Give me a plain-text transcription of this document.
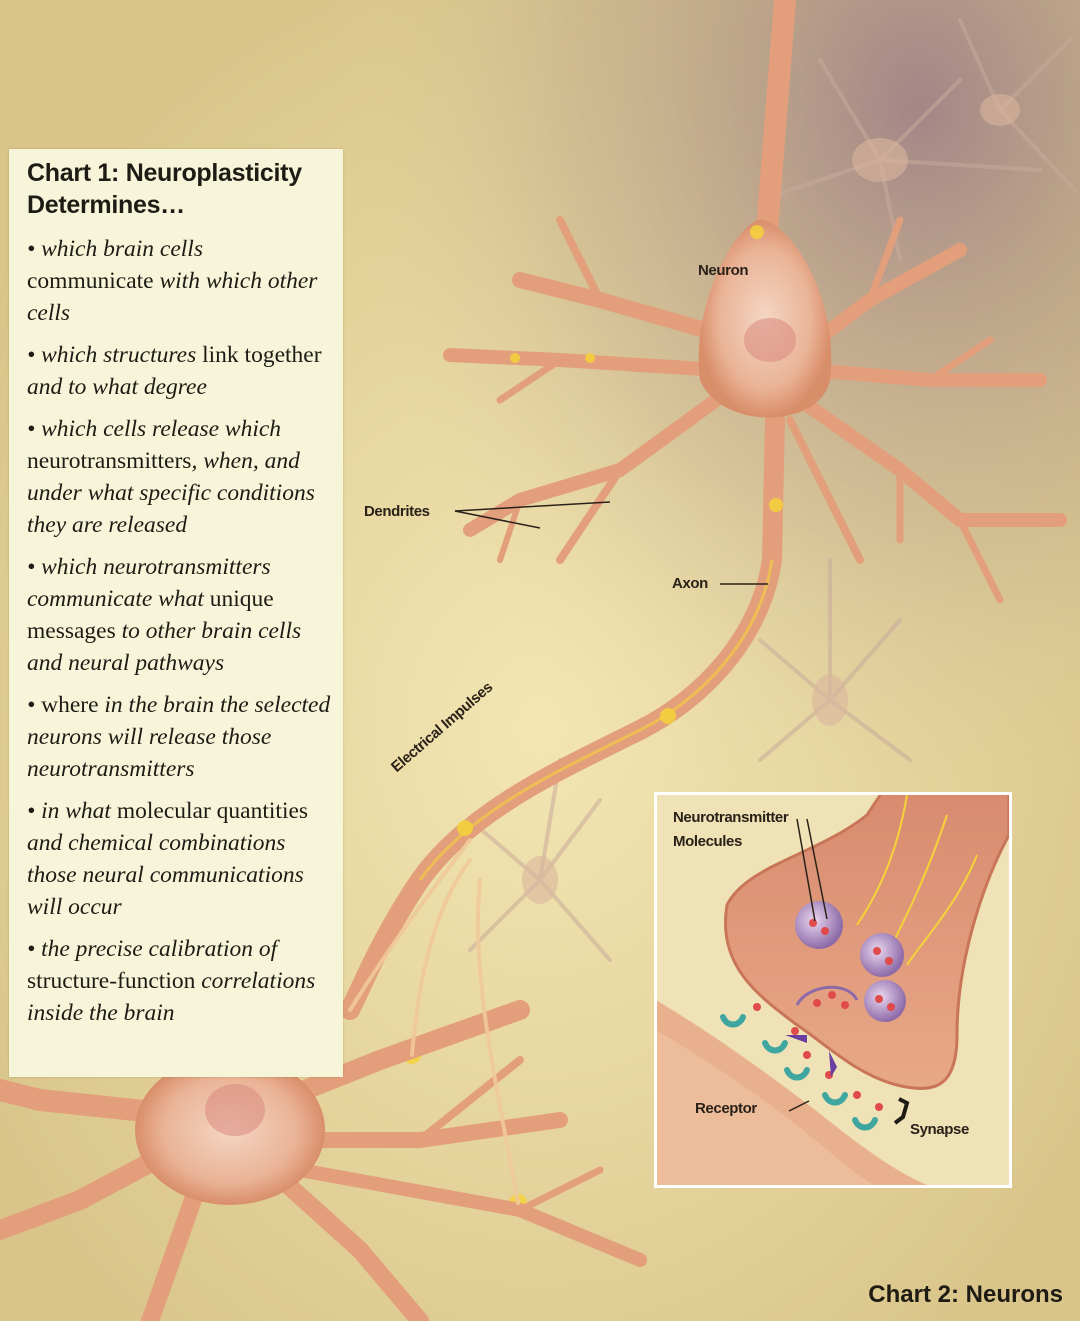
Neuron
Dendrites
Axon
Electrical Impulses
Chart 1: Neuroplasticity Determines…
• which brain cells communicate with which other cells
• which structures link together and to what degree
• which cells release which neurotransmitters, when, and under what specific conditions they are released
• which neurotransmitters communicate what unique messages to other brain cells and neural pathways
• where in the brain the selected neurons will release those neurotransmitters
• in what molecular quantities and chemical combinations those neural communications will occur
• the precise calibration of structure-function correlations inside the brain
Neurotransmitter
Molecules
Receptor
Synapse
Chart 2: Neurons
